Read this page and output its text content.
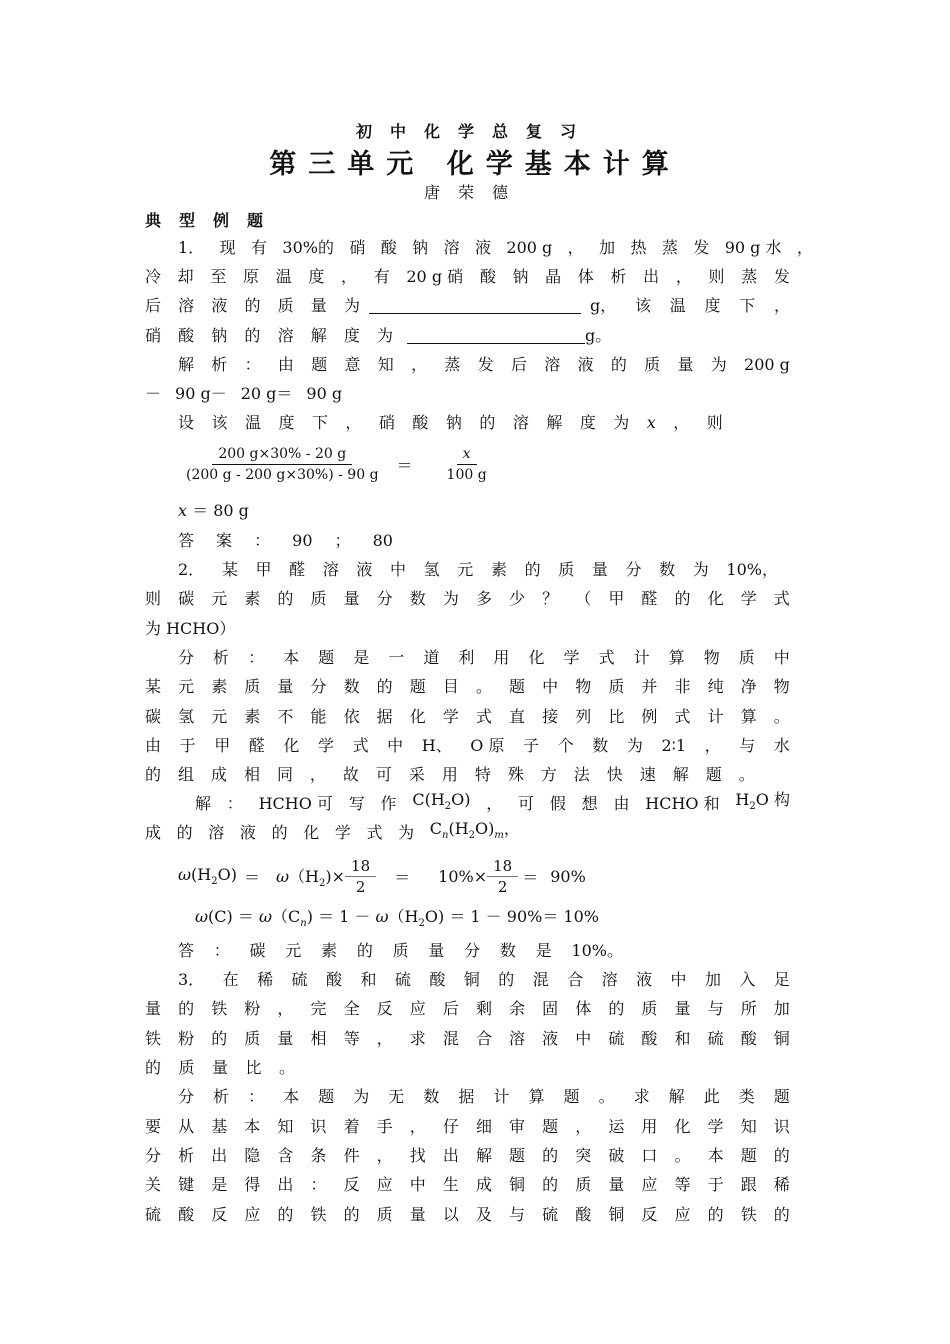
初中化学总复习
第三单元 化学基本计算
唐荣德
典型例题
1． 现 有 30%的 硝 酸 钠 溶 液 200 g ， 加 热 蒸 发 90 g 水 ，
冷 却 至 原 温 度 ， 有 20 g 硝 酸 钠 晶 体 析 出 ， 则 蒸 发
后 溶 液 的 质 量 为	g， 该 温 度 下 ，
硝 酸 钠 的 溶 解 度 为	g。
解 析 ： 由 题 意 知 ， 蒸 发 后 溶 液 的 质 量 为 200 g
－ 90 g－ 20 g＝ 90 g
设 该 温 度 下 ， 硝 酸 钠 的 溶 解 度 为 x ， 则
$\frac{200 g\times 30\% - 20 g}{(200 g - 200 g\times 30\%) - 90 g} = \frac{x}{100 g}$
x ＝ 80 g
答 案 ： 90 ； 80
2． 某 甲 醛 溶 液 中 氢 元 素 的 质 量 分 数 为 10%，
则 碳 元 素 的 质 量 分 数 为 多 少 ？ （ 甲 醛 的 化 学 式
为 HCHO）
分 析 ： 本 题 是 一 道 利 用 化 学 式 计 算 物 质 中
某 元 素 质 量 分 数 的 题 目 。 题 中 物 质 并 非 纯 净 物
碳 氢 元 素 不 能 依 据 化 学 式 直 接 列 比 例 式 计 算 。
由 于 甲 醛 化 学 式 中 H、 O 原 子 个 数 为 2∶1 ， 与 水
的 组 成 相 同 ， 故 可 采 用 特 殊 方 法 快 速 解 题 。
解 ： HCHO 可 写 作 $C(H_2O)$ ， 可 假 想 由 HCHO 和 $H_2O$ 构
成 的 溶 液 的 化 学 式 为 $C_n(H_2O)_m$，
$\omega(H_2O) = \omega(H_2)\times \frac{18}{2} = 10\%\times \frac{18}{2} = 90\%$
$\omega(C) = \omega(C_n) = 1 - \omega(H_2O) = 1 - 90\%= 10\%$
答 ： 碳 元 素 的 质 量 分 数 是 10%。
3． 在 稀 硫 酸 和 硫 酸 铜 的 混 合 溶 液 中 加 入 足
量 的 铁 粉 ， 完 全 反 应 后 剩 余 固 体 的 质 量 与 所 加
铁 粉 的 质 量 相 等 ， 求 混 合 溶 液 中 硫 酸 和 硫 酸 铜
的 质 量 比 。
分 析 ： 本 题 为 无 数 据 计 算 题 。 求 解 此 类 题
要 从 基 本 知 识 着 手 ， 仔 细 审 题 ， 运 用 化 学 知 识
分 析 出 隐 含 条 件 ， 找 出 解 题 的 突 破 口 。 本 题 的
关 键 是 得 出 ： 反 应 中 生 成 铜 的 质 量 应 等 于 跟 稀
硫 酸 反 应 的 铁 的 质 量 以 及 与 硫 酸 铜 反 应 的 铁 的
